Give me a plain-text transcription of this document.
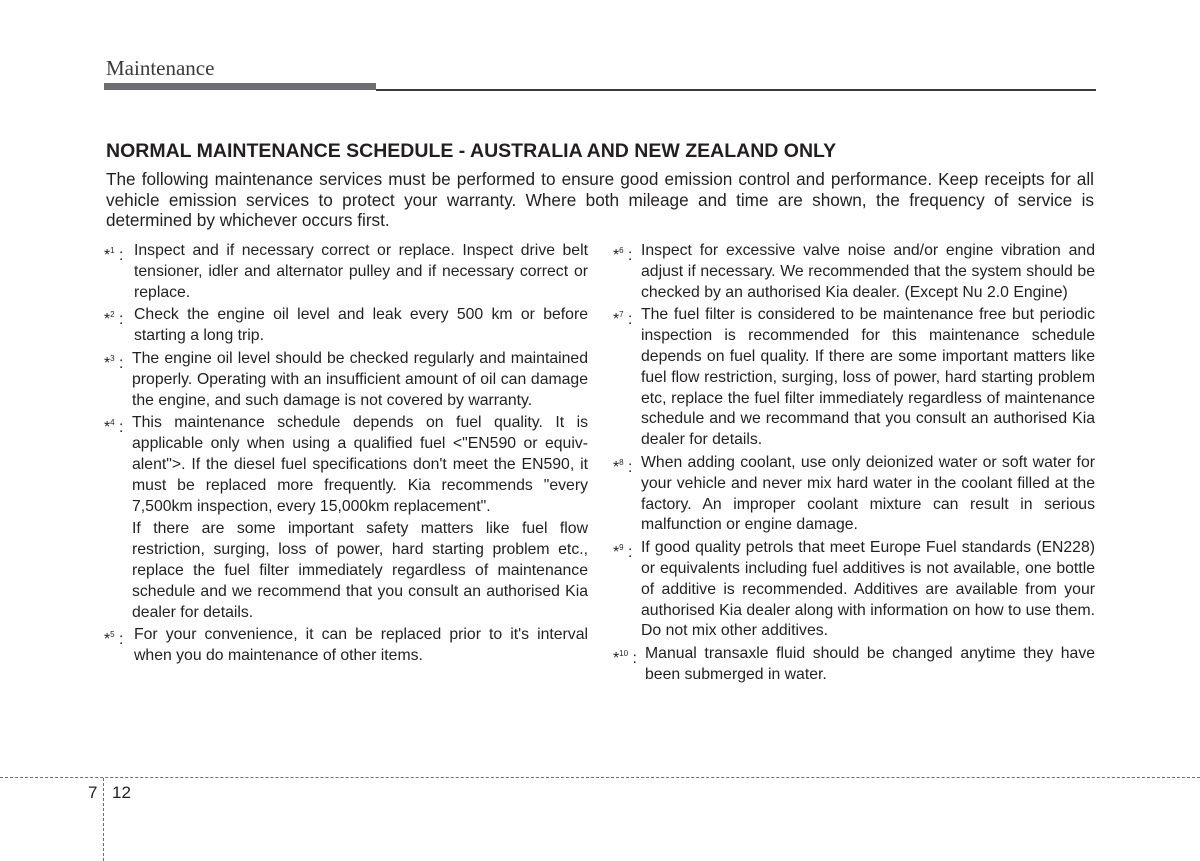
Maintenance
NORMAL MAINTENANCE SCHEDULE - AUSTRALIA AND NEW ZEALAND ONLY

The following maintenance services must be performed to ensure good emission control and performance. Keep receipts for all vehicle emission services to protect your warranty. Where both mileage and time are shown, the frequency of service is determined by whichever occurs first.

*$^1$ : Inspect and if necessary correct or replace. Inspect drive belt tensioner, idler and alternator pulley and if necessary correct or replace.

*$^2$ : Check the engine oil level and leak every 500 km or before starting a long trip.

*$^3$ : The engine oil level should be checked regularly and maintained properly. Operating with an insufficient amount of oil can damage the engine, and such damage is not covered by warranty.

*$^4$ : This maintenance schedule depends on fuel quality. It is applicable only when using a qualified fuel <"EN590 or equivalent">. If the diesel fuel specifications don't meet the EN590, it must be replaced more frequently. Kia recommends "every 7,500km inspection, every 15,000km replacement".

If there are some important safety matters like fuel flow restriction, surging, loss of power, hard starting problem etc., replace the fuel filter immediately regardless of maintenance schedule and we recommend that you consult an authorised Kia dealer for details.

*$^5$ : For your convenience, it can be replaced prior to it's interval when you do maintenance of other items.

*$^6$ : Inspect for excessive valve noise and/or engine vibration and adjust if necessary. We recommended that the system should be checked by an authorised Kia dealer. (Except Nu 2.0 Engine)

*$^7$ : The fuel filter is considered to be maintenance free but periodic inspection is recommended for this maintenance schedule depends on fuel quality. If there are some important matters like fuel flow restriction, surging, loss of power, hard starting problem etc, replace the fuel filter immediately regardless of maintenance schedule and we recommand that you consult an authorised Kia dealer for details.

*$^8$ : When adding coolant, use only deionized water or soft water for your vehicle and never mix hard water in the coolant filled at the factory. An improper coolant mixture can result in serious malfunction or engine damage.

*$^9$ : If good quality petrols that meet Europe Fuel standards (EN228) or equivalents including fuel additives is not available, one bottle of additive is recommended. Additives are available from your authorised Kia dealer along with information on how to use them. Do not mix other additives.

*$^{10}$ : Manual transaxle fluid should be changed anytime they have been submerged in water.

7 12
